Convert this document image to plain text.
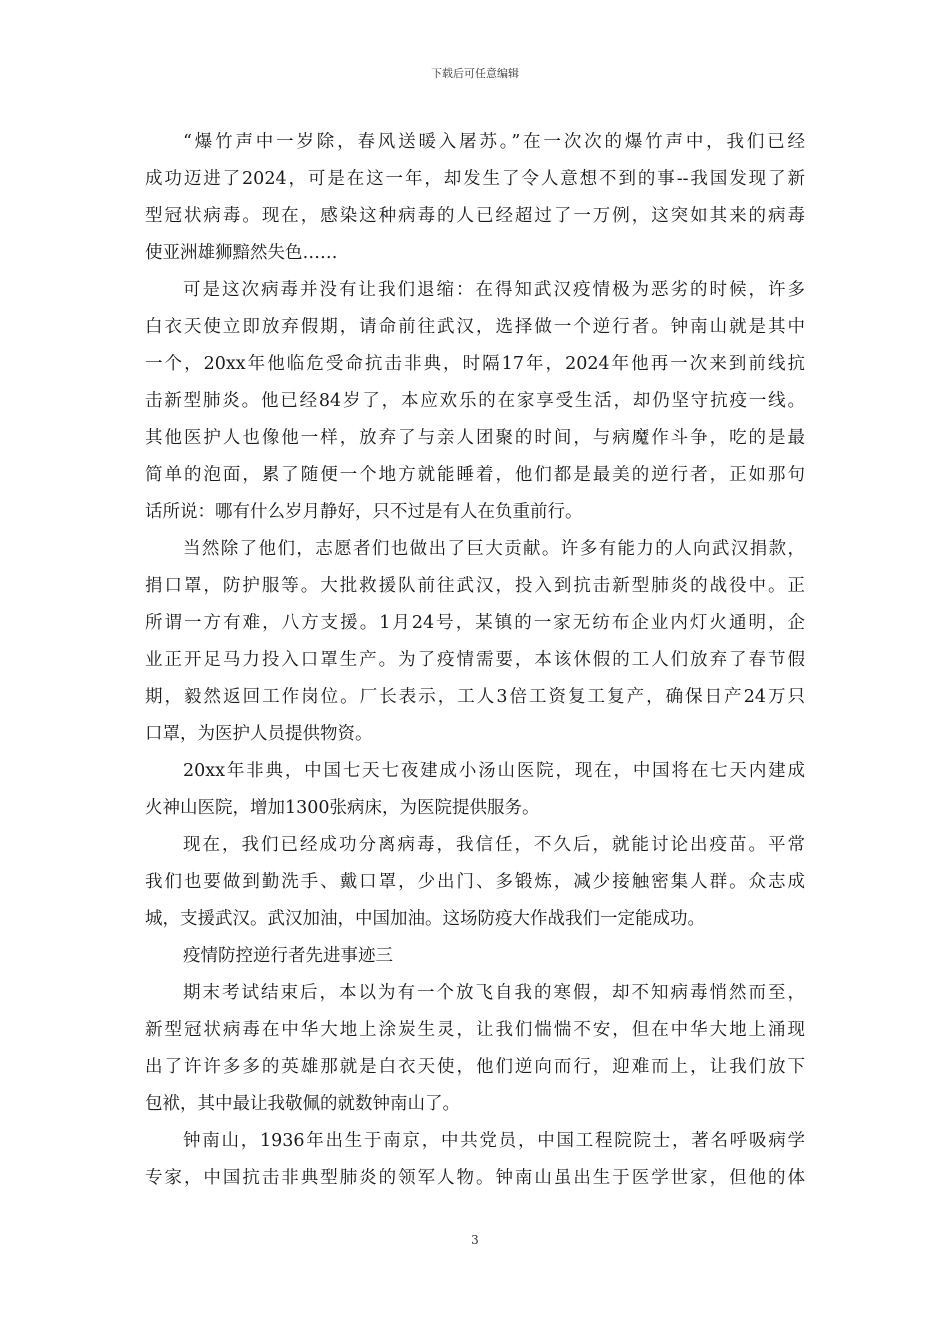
下载后可任意编辑
“爆竹声中一岁除，春风送暖入屠苏。”在一次次的爆竹声中，我们已经
成功迈进了2024，可是在这一年，却发生了令人意想不到的事--我国发现了新
型冠状病毒。现在，感染这种病毒的人已经超过了一万例，这突如其来的病毒
使亚洲雄狮黯然失色……
可是这次病毒并没有让我们退缩：在得知武汉疫情极为恶劣的时候，许多
白衣天使立即放弃假期，请命前往武汉，选择做一个逆行者。钟南山就是其中
一个，20xx年他临危受命抗击非典，时隔17年，2024年他再一次来到前线抗
击新型肺炎。他已经84岁了，本应欢乐的在家享受生活，却仍坚守抗疫一线。
其他医护人也像他一样，放弃了与亲人团聚的时间，与病魔作斗争，吃的是最
简单的泡面，累了随便一个地方就能睡着，他们都是最美的逆行者，正如那句
话所说：哪有什么岁月静好，只不过是有人在负重前行。
当然除了他们，志愿者们也做出了巨大贡献。许多有能力的人向武汉捐款，
捐口罩，防护服等。大批救援队前往武汉，投入到抗击新型肺炎的战役中。正
所谓一方有难，八方支援。1月24号，某镇的一家无纺布企业内灯火通明，企
业正开足马力投入口罩生产。为了疫情需要，本该休假的工人们放弃了春节假
期，毅然返回工作岗位。厂长表示，工人3倍工资复工复产，确保日产24万只
口罩，为医护人员提供物资。
20xx年非典，中国七天七夜建成小汤山医院，现在，中国将在七天内建成
火神山医院，增加1300张病床，为医院提供服务。
现在，我们已经成功分离病毒，我信任，不久后，就能讨论出疫苗。平常
我们也要做到勤洗手、戴口罩，少出门、多锻炼，减少接触密集人群。众志成
城，支援武汉。武汉加油，中国加油。这场防疫大作战我们一定能成功。
疫情防控逆行者先进事迹三
期末考试结束后，本以为有一个放飞自我的寒假，却不知病毒悄然而至，
新型冠状病毒在中华大地上涂炭生灵，让我们惴惴不安，但在中华大地上涌现
出了许许多多的英雄那就是白衣天使，他们逆向而行，迎难而上，让我们放下
包袱，其中最让我敬佩的就数钟南山了。
钟南山，1936年出生于南京，中共党员，中国工程院院士，著名呼吸病学
专家，中国抗击非典型肺炎的领军人物。钟南山虽出生于医学世家，但他的体
3
